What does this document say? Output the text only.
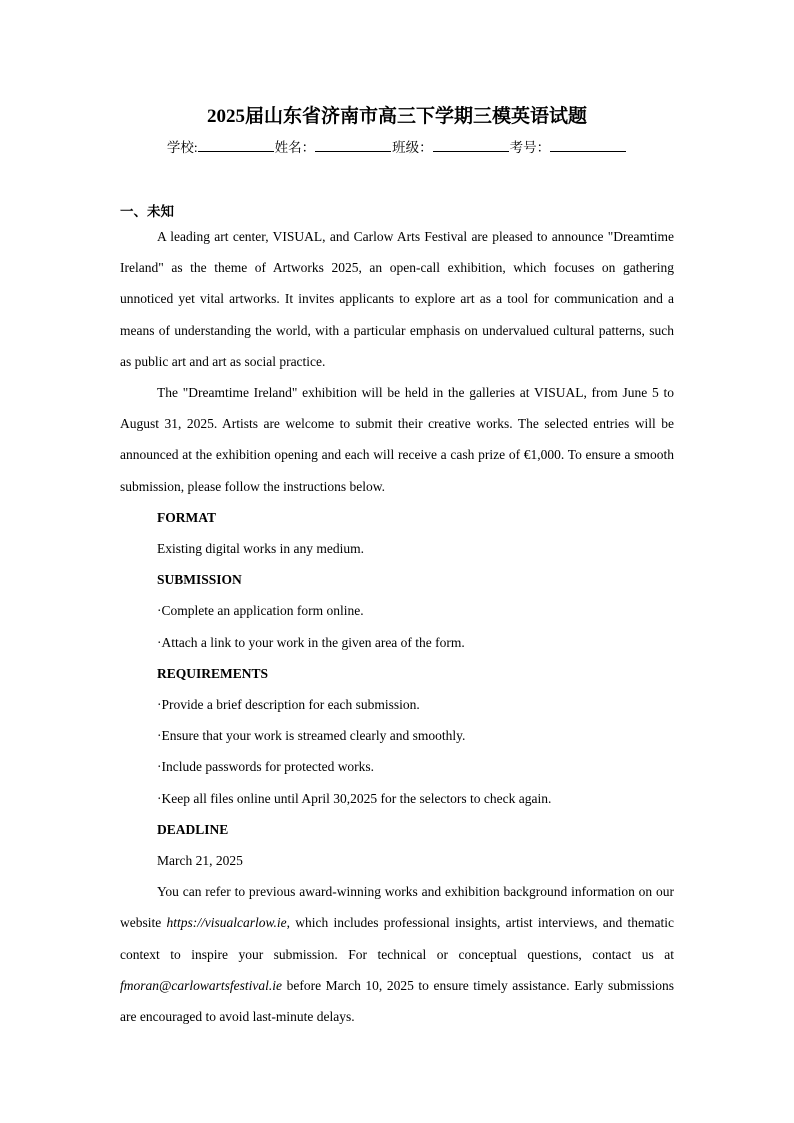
2025届山东省济南市高三下学期三模英语试题
学校:	姓名：	班级：	考号：
一、未知

A leading art center, VISUAL, and Carlow Arts Festival are pleased to announce "Dreamtime Ireland" as the theme of Artworks 2025, an open-call exhibition, which focuses on gathering unnoticed yet vital artworks. It invites applicants to explore art as a tool for communication and a means of understanding the world, with a particular emphasis on undervalued cultural patterns, such as public art and art as social practice.

The "Dreamtime Ireland" exhibition will be held in the galleries at VISUAL, from June 5 to August 31, 2025. Artists are welcome to submit their creative works. The selected entries will be announced at the exhibition opening and each will receive a cash prize of €1,000. To ensure a smooth submission, please follow the instructions below.

FORMAT

Existing digital works in any medium.

SUBMISSION

·Complete an application form online.

·Attach a link to your work in the given area of the form.

REQUIREMENTS

·Provide a brief description for each submission.

·Ensure that your work is streamed clearly and smoothly.

·Include passwords for protected works.

·Keep all files online until April 30,2025 for the selectors to check again.

DEADLINE

March 21, 2025

You can refer to previous award-winning works and exhibition background information on our website https://visualcarlow.ie, which includes professional insights, artist interviews, and thematic context to inspire your submission. For technical or conceptual questions, contact us at fmoran@carlowartsfestival.ie before March 10, 2025 to ensure timely assistance. Early submissions are encouraged to avoid last-minute delays.
